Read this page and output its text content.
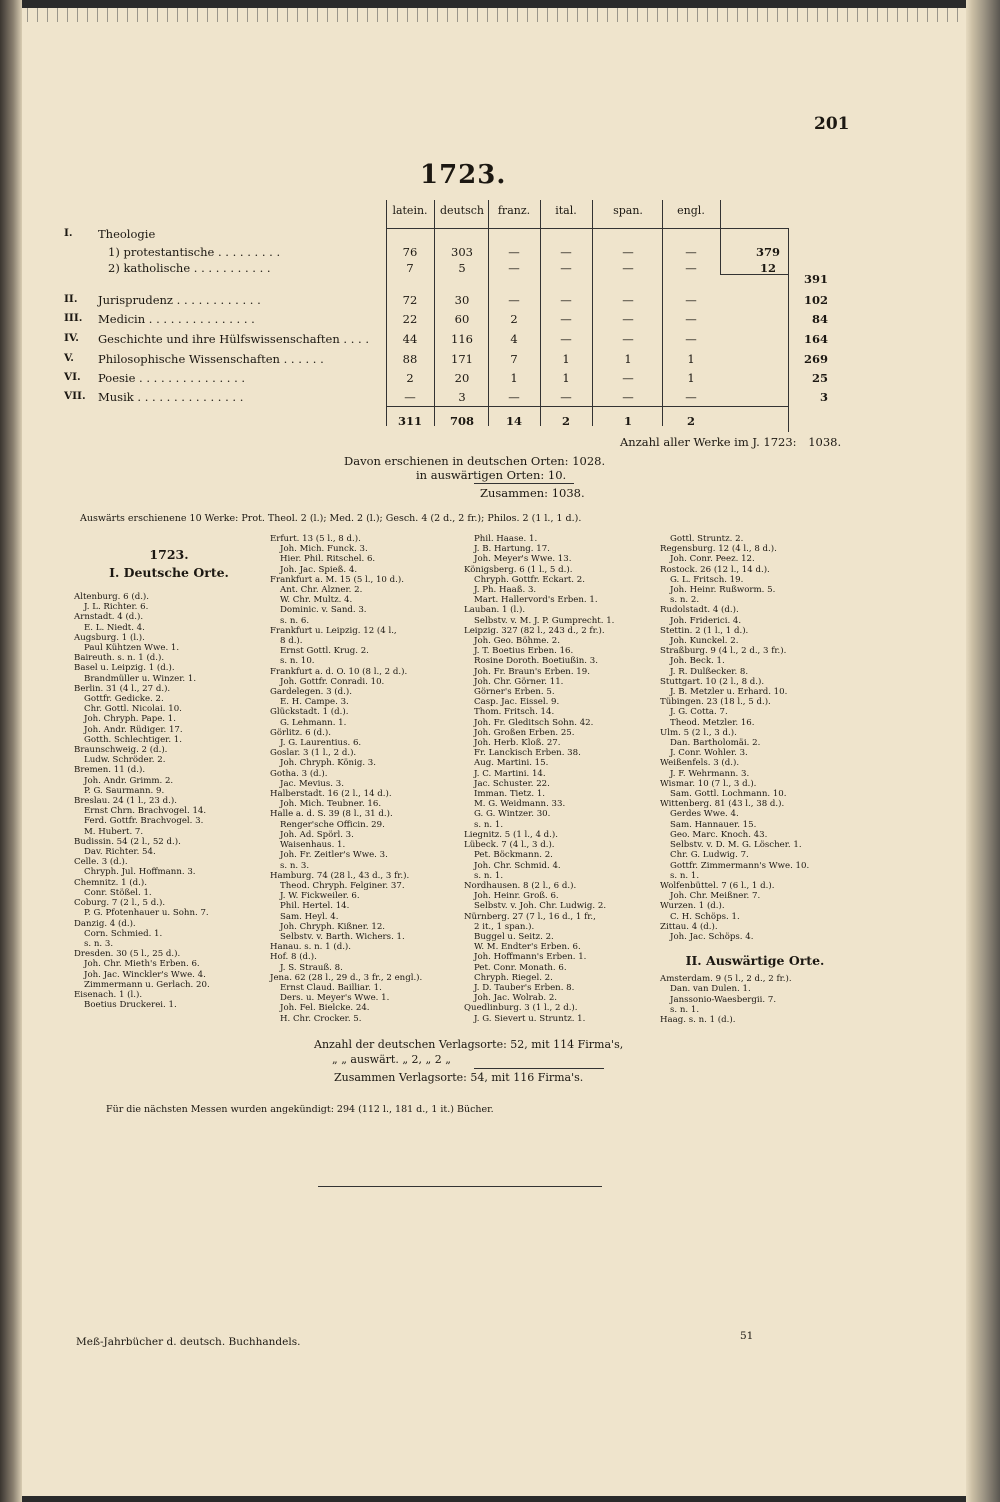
201
1723.
latein.	deutsch	franz.	ital.	span.	engl.
I. Theologie
1) protestantische . . . . . . . . .	76	303	—	—	—	—	379
2) katholische . . . . . . . . . . .	7	5	—	—	—	—	12
391
II. Jurisprudenz . . . . . . . . . . . .	72	30	—	—	—	—	102
III. Medicin . . . . . . . . . . . . . . .	22	60	2	—	—	—	84
IV. Geschichte und ihre Hülfswissenschaften . . . .	44	116	4	—	—	—	164
V. Philosophische Wissenschaften . . . . . .	88	171	7	1	1	1	269
VI. Poesie . . . . . . . . . . . . . . .	2	20	1	1	—	1	25
VII. Musik . . . . . . . . . . . . . . .	—	3	—	—	—	—	3
311	708	14	2	1	2
Anzahl aller Werke im J. 1723: 1038.
Davon erschienen in deutschen Orten: 1028.
in auswärtigen Orten: 10.
Zusammen: 1038.
Auswärts erschienene 10 Werke: Prot. Theol. 2 (l.); Med. 2 (l.); Gesch. 4 (2 d., 2 fr.); Philos. 2 (1 l., 1 d.).
1723.
I. Deutsche Orte.
Altenburg. 6 (d.).
J. L. Richter. 6.
Arnstadt. 4 (d.).
E. L. Niedt. 4.
Augsburg. 1 (l.).
Paul Kühtzen Wwe. 1.
Baireuth. s. n. 1 (d.).
Basel u. Leipzig. 1 (d.).
Brandmüller u. Winzer. 1.
Berlin. 31 (4 l., 27 d.).
Gottfr. Gedicke. 2.
Chr. Gottl. Nicolai. 10.
Joh. Chryph. Pape. 1.
Joh. Andr. Rüdiger. 17.
Gotth. Schlechtiger. 1.
Braunschweig. 2 (d.).
Ludw. Schröder. 2.
Bremen. 11 (d.).
Joh. Andr. Grimm. 2.
P. G. Saurmann. 9.
Breslau. 24 (1 l., 23 d.).
Ernst Chrn. Brachvogel. 14.
Ferd. Gottfr. Brachvogel. 3.
M. Hubert. 7.
Budissin. 54 (2 l., 52 d.).
Dav. Richter. 54.
Celle. 3 (d.).
Chryph. Jul. Hoffmann. 3.
Chemnitz. 1 (d.).
Conr. Stößel. 1.
Coburg. 7 (2 l., 5 d.).
P. G. Pfotenhauer u. Sohn. 7.
Danzig. 4 (d.).
Corn. Schmied. 1.
s. n. 3.
Dresden. 30 (5 l., 25 d.).
Joh. Chr. Mieth's Erben. 6.
Joh. Jac. Winckler's Wwe. 4.
Zimmermann u. Gerlach. 20.
Eisenach. 1 (l.).
Boetius Druckerei. 1.
Erfurt. 13 (5 l., 8 d.).
Joh. Mich. Funck. 3.
Hier. Phil. Ritschel. 6.
Joh. Jac. Spieß. 4.
Frankfurt a. M. 15 (5 l., 10 d.).
Ant. Chr. Alzner. 2.
W. Chr. Multz. 4.
Dominic. v. Sand. 3.
s. n. 6.
Frankfurt u. Leipzig. 12 (4 l.,
8 d.).
Ernst Gottl. Krug. 2.
s. n. 10.
Frankfurt a. d. O. 10 (8 l., 2 d.).
Joh. Gottfr. Conradi. 10.
Gardelegen. 3 (d.).
E. H. Campe. 3.
Glückstadt. 1 (d.).
G. Lehmann. 1.
Görlitz. 6 (d.).
J. G. Laurentius. 6.
Goslar. 3 (1 l., 2 d.).
Joh. Chryph. König. 3.
Gotha. 3 (d.).
Jac. Mevius. 3.
Halberstadt. 16 (2 l., 14 d.).
Joh. Mich. Teubner. 16.
Halle a. d. S. 39 (8 l., 31 d.).
Renger'sche Officin. 29.
Joh. Ad. Spörl. 3.
Waisenhaus. 1.
Joh. Fr. Zeitler's Wwe. 3.
s. n. 3.
Hamburg. 74 (28 l., 43 d., 3 fr.).
Theod. Chryph. Felginer. 37.
J. W. Fickweiler. 6.
Phil. Hertel. 14.
Sam. Heyl. 4.
Joh. Chryph. Kißner. 12.
Selbstv. v. Barth. Wichers. 1.
Hanau. s. n. 1 (d.).
Hof. 8 (d.).
J. S. Strauß. 8.
Jena. 62 (28 l., 29 d., 3 fr., 2 engl.).
Ernst Claud. Bailliar. 1.
Ders. u. Meyer's Wwe. 1.
Joh. Fel. Bielcke. 24.
H. Chr. Crocker. 5.
Phil. Haase. 1.
J. B. Hartung. 17.
Joh. Meyer's Wwe. 13.
Königsberg. 6 (1 l., 5 d.).
Chryph. Gottfr. Eckart. 2.
J. Ph. Haaß. 3.
Mart. Hallervord's Erben. 1.
Lauban. 1 (l.).
Selbstv. v. M. J. P. Gumprecht. 1.
Leipzig. 327 (82 l., 243 d., 2 fr.).
Joh. Geo. Böhme. 2.
J. T. Boetius Erben. 16.
Rosine Doroth. Boetiußin. 3.
Joh. Fr. Braun's Erben. 19.
Joh. Chr. Görner. 11.
Görner's Erben. 5.
Casp. Jac. Eissel. 9.
Thom. Fritsch. 14.
Joh. Fr. Gleditsch Sohn. 42.
Joh. Großen Erben. 25.
Joh. Herb. Kloß. 27.
Fr. Lanckisch Erben. 38.
Aug. Martini. 15.
J. C. Martini. 14.
Jac. Schuster. 22.
Imman. Tietz. 1.
M. G. Weidmann. 33.
G. G. Wintzer. 30.
s. n. 1.
Liegnitz. 5 (1 l., 4 d.).
Lübeck. 7 (4 l., 3 d.).
Pet. Böckmann. 2.
Joh. Chr. Schmid. 4.
s. n. 1.
Nordhausen. 8 (2 l., 6 d.).
Joh. Heinr. Groß. 6.
Selbstv. v. Joh. Chr. Ludwig. 2.
Nürnberg. 27 (7 l., 16 d., 1 fr.,
2 it., 1 span.).
Buggel u. Seitz. 2.
W. M. Endter's Erben. 6.
Joh. Hoffmann's Erben. 1.
Pet. Conr. Monath. 6.
Chryph. Riegel. 2.
J. D. Tauber's Erben. 8.
Joh. Jac. Wolrab. 2.
Quedlinburg. 3 (1 l., 2 d.).
J. G. Sievert u. Struntz. 1.
Gottl. Struntz. 2.
Regensburg. 12 (4 l., 8 d.).
Joh. Conr. Peez. 12.
Rostock. 26 (12 l., 14 d.).
G. L. Fritsch. 19.
Joh. Heinr. Rußworm. 5.
s. n. 2.
Rudolstadt. 4 (d.).
Joh. Friderici. 4.
Stettin. 2 (1 l., 1 d.).
Joh. Kunckel. 2.
Straßburg. 9 (4 l., 2 d., 3 fr.).
Joh. Beck. 1.
J. R. Dulßecker. 8.
Stuttgart. 10 (2 l., 8 d.).
J. B. Metzler u. Erhard. 10.
Tübingen. 23 (18 l., 5 d.).
J. G. Cotta. 7.
Theod. Metzler. 16.
Ulm. 5 (2 l., 3 d.).
Dan. Bartholomäi. 2.
J. Conr. Wohler. 3.
Weißenfels. 3 (d.).
J. F. Wehrmann. 3.
Wismar. 10 (7 l., 3 d.).
Sam. Gottl. Lochmann. 10.
Wittenberg. 81 (43 l., 38 d.).
Gerdes Wwe. 4.
Sam. Hannauer. 15.
Geo. Marc. Knoch. 43.
Selbstv. v. D. M. G. Löscher. 1.
Chr. G. Ludwig. 7.
Gottfr. Zimmermann's Wwe. 10.
s. n. 1.
Wolfenbüttel. 7 (6 l., 1 d.).
Joh. Chr. Meißner. 7.
Wurzen. 1 (d.).
C. H. Schöps. 1.
Zittau. 4 (d.).
Joh. Jac. Schöps. 4.
II. Auswärtige Orte.
Amsterdam. 9 (5 l., 2 d., 2 fr.).
Dan. van Dulen. 1.
Janssonio-Waesbergii. 7.
s. n. 1.
Haag. s. n. 1 (d.).
Anzahl der deutschen Verlagsorte: 52, mit 114 Firma's,
„ „ auswärt. „ 2, „ 2 „
Zusammen Verlagsorte: 54, mit 116 Firma's.
Für die nächsten Messen wurden angekündigt: 294 (112 l., 181 d., 1 it.) Bücher.
Meß-Jahrbücher d. deutsch. Buchhandels.	51
